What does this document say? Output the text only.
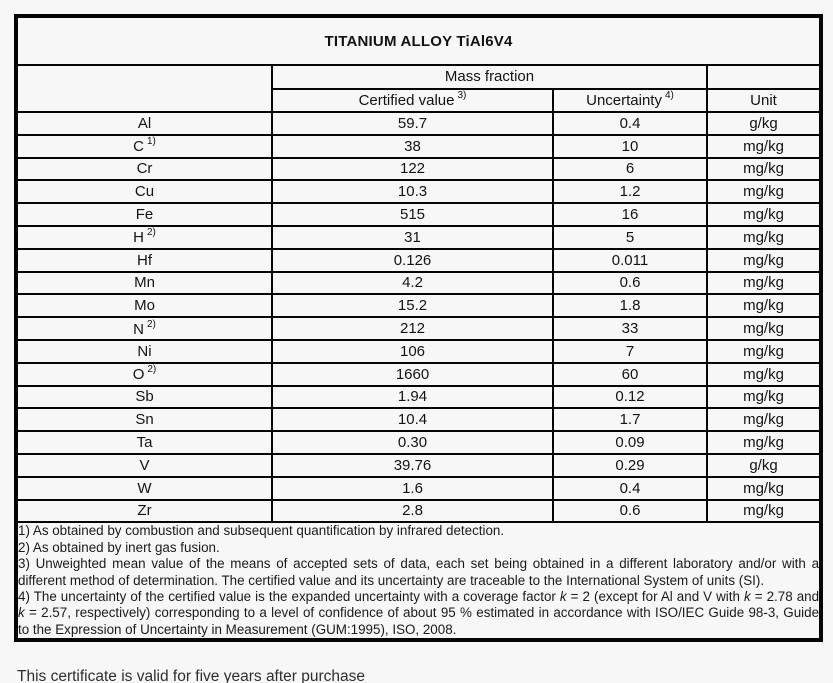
TITANIUM ALLOY TiAl6V4			
	Mass fraction		
	Certified value $^{3)}$	Uncertainty $^{4)}$	Unit
Al	59.7	0.4	g/kg
C $^{1)}$	38	10	mg/kg
Cr	122	6	mg/kg
Cu	10.3	1.2	mg/kg
Fe	515	16	mg/kg
H $^{2)}$	31	5	mg/kg
Hf	0.126	0.011	mg/kg
Mn	4.2	0.6	mg/kg
Mo	15.2	1.8	mg/kg
N $^{2)}$	212	33	mg/kg
Ni	106	7	mg/kg
O $^{2)}$	1660	60	mg/kg
Sb	1.94	0.12	mg/kg
Sn	10.4	1.7	mg/kg
Ta	0.30	0.09	mg/kg
V	39.76	0.29	g/kg
W	1.6	0.4	mg/kg
Zr	2.8	0.6	mg/kg

1) As obtained by combustion and subsequent quantification by infrared detection.
2) As obtained by inert gas fusion.
3) Unweighted mean value of the means of accepted sets of data, each set being obtained in a different laboratory and/or with a different method of determination. The certified value and its uncertainty are traceable to the International System of units (SI).
4) The uncertainty of the certified value is the expanded uncertainty with a coverage factor k = 2 (except for Al and V with k = 2.78 and k = 2.57, respectively) corresponding to a level of confidence of about 95 % estimated in accordance with ISO/IEC Guide 98-3, Guide to the Expression of Uncertainty in Measurement (GUM:1995), ISO, 2008.			
This certificate is valid for five years after purchase
